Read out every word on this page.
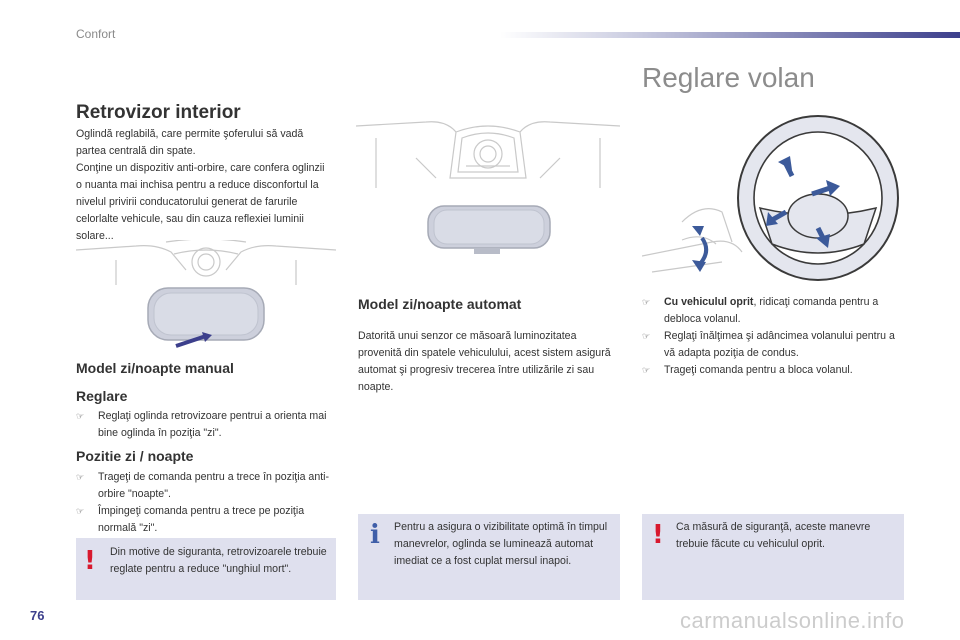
Confort
Reglare volan
Retrovizor interior

Oglindă reglabilă, care permite şoferului să vadă partea centrală din spate.

Conţine un dispozitiv anti-orbire, care confera oglinzii o nuanta mai inchisa pentru a reduce disconfortul la nivelul privirii conducatorului generat de farurile celorlalte vehicule, sau din cauza reflexiei luminii solare...

Model zi/noapte manual
Reglare
☞ Reglaţi oglinda retrovizoare pentrui a orienta mai bine oglinda în poziţia "zi".
Pozitie zi / noapte
☞ Trageţi de comanda pentru a trece în poziţia anti-orbire "noapte".
☞ Împingeţi comanda pentru a trece pe poziţia normală "zi".
! Din motive de siguranta, retrovizoarele trebuie reglate pentru a reduce "unghiul mort".
Model zi/noapte automat
Datorită unui senzor ce măsoară luminozitatea provenită din spatele vehiculului, acest sistem asigură automat şi progresiv trecerea între utilizările zi sau noapte.
i Pentru a asigura o vizibilitate optimă în timpul manevrelor, oglinda se luminează automat imediat ce a fost cuplat mersul inapoi.
☞ Cu vehiculul oprit, ridicaţi comanda pentru a debloca volanul.
☞ Reglaţi înălţimea şi adâncimea volanului pentru a vă adapta poziţia de condus.
☞ Trageţi comanda pentru a bloca volanul.
! Ca măsură de siguranţă, aceste manevre trebuie făcute cu vehiculul oprit.
76	carmanualsonline.info
